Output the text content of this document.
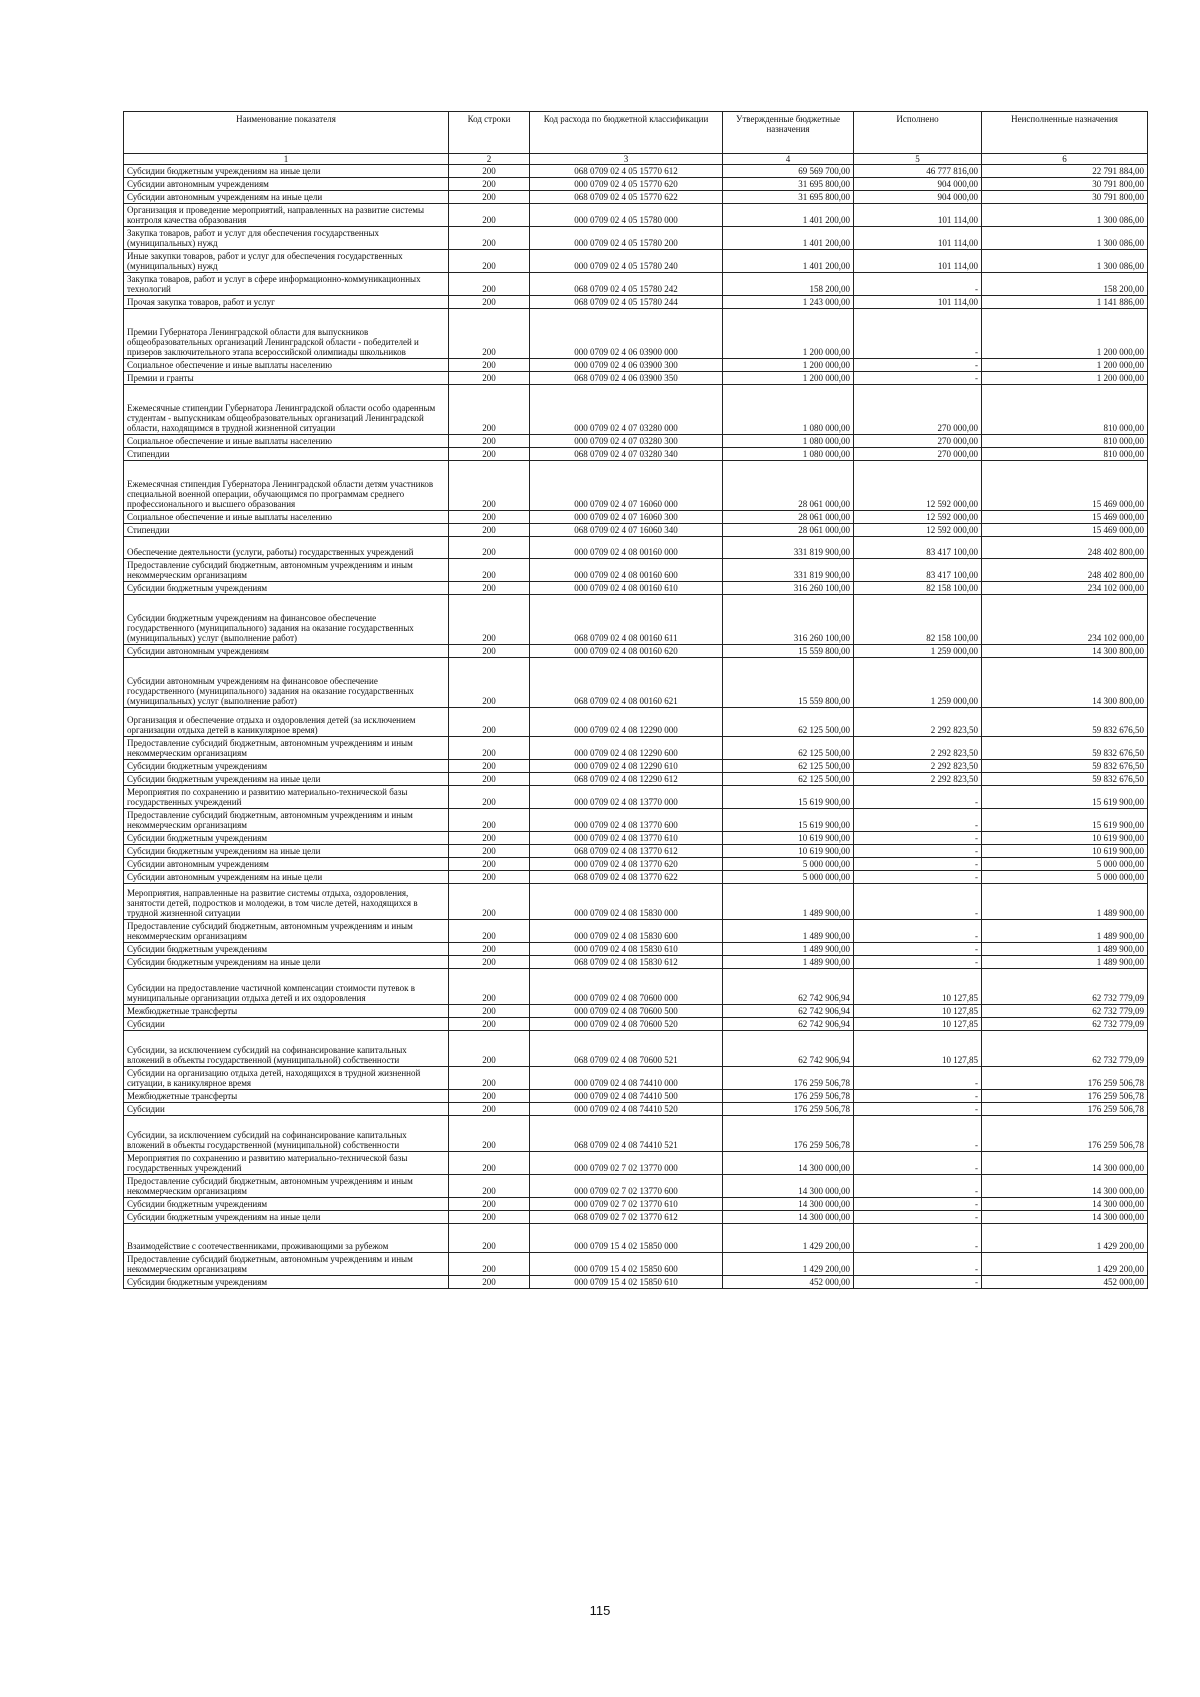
Наименование показателя	Код строки	Код расхода по бюджетной классификации	Утвержденные бюджетные назначения	Исполнено	Неисполненные назначения
1	2	3	4	5	6
Субсидии бюджетным учреждениям на иные цели	200	068 0709 02 4 05 15770 612	69 569 700,00	46 777 816,00	22 791 884,00
Субсидии автономным учреждениям	200	000 0709 02 4 05 15770 620	31 695 800,00	904 000,00	30 791 800,00
Субсидии автономным учреждениям на иные цели	200	068 0709 02 4 05 15770 622	31 695 800,00	904 000,00	30 791 800,00
Организация и проведение мероприятий, направленных на развитие системы контроля качества образования	200	000 0709 02 4 05 15780 000	1 401 200,00	101 114,00	1 300 086,00
Закупка товаров, работ и услуг для обеспечения государственных (муниципальных) нужд	200	000 0709 02 4 05 15780 200	1 401 200,00	101 114,00	1 300 086,00
Иные закупки товаров, работ и услуг для обеспечения государственных (муниципальных) нужд	200	000 0709 02 4 05 15780 240	1 401 200,00	101 114,00	1 300 086,00
Закупка товаров, работ и услуг в сфере информационно-коммуникационных технологий	200	068 0709 02 4 05 15780 242	158 200,00	-	158 200,00
Прочая закупка товаров, работ и услуг	200	068 0709 02 4 05 15780 244	1 243 000,00	101 114,00	1 141 886,00
Премии Губернатора Ленинградской области для выпускников общеобразовательных организаций Ленинградской области - победителей и призеров заключительного этапа всероссийской олимпиады школьников	200	000 0709 02 4 06 03900 000	1 200 000,00	-	1 200 000,00
Социальное обеспечение и иные выплаты населению	200	000 0709 02 4 06 03900 300	1 200 000,00	-	1 200 000,00
Премии и гранты	200	068 0709 02 4 06 03900 350	1 200 000,00	-	1 200 000,00
Ежемесячные стипендии Губернатора Ленинградской области особо одаренным студентам - выпускникам общеобразовательных организаций Ленинградской области, находящимся в трудной жизненной ситуации	200	000 0709 02 4 07 03280 000	1 080 000,00	270 000,00	810 000,00
Социальное обеспечение и иные выплаты населению	200	000 0709 02 4 07 03280 300	1 080 000,00	270 000,00	810 000,00
Стипендии	200	068 0709 02 4 07 03280 340	1 080 000,00	270 000,00	810 000,00
Ежемесячная стипендия Губернатора Ленинградской области детям участников специальной военной операции, обучающимся по программам среднего профессионального и высшего образования	200	000 0709 02 4 07 16060 000	28 061 000,00	12 592 000,00	15 469 000,00
Социальное обеспечение и иные выплаты населению	200	000 0709 02 4 07 16060 300	28 061 000,00	12 592 000,00	15 469 000,00
Стипендии	200	068 0709 02 4 07 16060 340	28 061 000,00	12 592 000,00	15 469 000,00
Обеспечение деятельности (услуги, работы) государственных учреждений	200	000 0709 02 4 08 00160 000	331 819 900,00	83 417 100,00	248 402 800,00
Предоставление субсидий бюджетным, автономным учреждениям и иным некоммерческим организациям	200	000 0709 02 4 08 00160 600	331 819 900,00	83 417 100,00	248 402 800,00
Субсидии бюджетным учреждениям	200	000 0709 02 4 08 00160 610	316 260 100,00	82 158 100,00	234 102 000,00
Субсидии бюджетным учреждениям на финансовое обеспечение государственного (муниципального) задания на оказание государственных (муниципальных) услуг (выполнение работ)	200	068 0709 02 4 08 00160 611	316 260 100,00	82 158 100,00	234 102 000,00
Субсидии автономным учреждениям	200	000 0709 02 4 08 00160 620	15 559 800,00	1 259 000,00	14 300 800,00
Субсидии автономным учреждениям на финансовое обеспечение государственного (муниципального) задания на оказание государственных (муниципальных) услуг (выполнение работ)	200	068 0709 02 4 08 00160 621	15 559 800,00	1 259 000,00	14 300 800,00
Организация и обеспечение отдыха и оздоровления детей (за исключением организации отдыха детей в каникулярное время)	200	000 0709 02 4 08 12290 000	62 125 500,00	2 292 823,50	59 832 676,50
Предоставление субсидий бюджетным, автономным учреждениям и иным некоммерческим организациям	200	000 0709 02 4 08 12290 600	62 125 500,00	2 292 823,50	59 832 676,50
Субсидии бюджетным учреждениям	200	000 0709 02 4 08 12290 610	62 125 500,00	2 292 823,50	59 832 676,50
Субсидии бюджетным учреждениям на иные цели	200	068 0709 02 4 08 12290 612	62 125 500,00	2 292 823,50	59 832 676,50
Мероприятия по сохранению и развитию материально-технической базы государственных учреждений	200	000 0709 02 4 08 13770 000	15 619 900,00	-	15 619 900,00
Предоставление субсидий бюджетным, автономным учреждениям и иным некоммерческим организациям	200	000 0709 02 4 08 13770 600	15 619 900,00	-	15 619 900,00
Субсидии бюджетным учреждениям	200	000 0709 02 4 08 13770 610	10 619 900,00	-	10 619 900,00
Субсидии бюджетным учреждениям на иные цели	200	068 0709 02 4 08 13770 612	10 619 900,00	-	10 619 900,00
Субсидии автономным учреждениям	200	000 0709 02 4 08 13770 620	5 000 000,00	-	5 000 000,00
Субсидии автономным учреждениям на иные цели	200	068 0709 02 4 08 13770 622	5 000 000,00	-	5 000 000,00
Мероприятия, направленные на развитие системы отдыха, оздоровления, занятости детей, подростков и молодежи, в том числе детей, находящихся в трудной жизненной ситуации	200	000 0709 02 4 08 15830 000	1 489 900,00	-	1 489 900,00
Предоставление субсидий бюджетным, автономным учреждениям и иным некоммерческим организациям	200	000 0709 02 4 08 15830 600	1 489 900,00	-	1 489 900,00
Субсидии бюджетным учреждениям	200	000 0709 02 4 08 15830 610	1 489 900,00	-	1 489 900,00
Субсидии бюджетным учреждениям на иные цели	200	068 0709 02 4 08 15830 612	1 489 900,00	-	1 489 900,00
Субсидии на предоставление частичной компенсации стоимости путевок в муниципальные организации отдыха детей и их оздоровления	200	000 0709 02 4 08 70600 000	62 742 906,94	10 127,85	62 732 779,09
Межбюджетные трансферты	200	000 0709 02 4 08 70600 500	62 742 906,94	10 127,85	62 732 779,09
Субсидии	200	000 0709 02 4 08 70600 520	62 742 906,94	10 127,85	62 732 779,09
Субсидии, за исключением субсидий на софинансирование капитальных вложений в объекты государственной (муниципальной) собственности	200	068 0709 02 4 08 70600 521	62 742 906,94	10 127,85	62 732 779,09
Субсидии на организацию отдыха детей, находящихся в трудной жизненной ситуации, в каникулярное время	200	000 0709 02 4 08 74410 000	176 259 506,78	-	176 259 506,78
Межбюджетные трансферты	200	000 0709 02 4 08 74410 500	176 259 506,78	-	176 259 506,78
Субсидии	200	000 0709 02 4 08 74410 520	176 259 506,78	-	176 259 506,78
Субсидии, за исключением субсидий на софинансирование капитальных вложений в объекты государственной (муниципальной) собственности	200	068 0709 02 4 08 74410 521	176 259 506,78	-	176 259 506,78
Мероприятия по сохранению и развитию материально-технической базы государственных учреждений	200	000 0709 02 7 02 13770 000	14 300 000,00	-	14 300 000,00
Предоставление субсидий бюджетным, автономным учреждениям и иным некоммерческим организациям	200	000 0709 02 7 02 13770 600	14 300 000,00	-	14 300 000,00
Субсидии бюджетным учреждениям	200	000 0709 02 7 02 13770 610	14 300 000,00	-	14 300 000,00
Субсидии бюджетным учреждениям на иные цели	200	068 0709 02 7 02 13770 612	14 300 000,00	-	14 300 000,00
Взаимодействие с соотечественниками, проживающими за рубежом	200	000 0709 15 4 02 15850 000	1 429 200,00	-	1 429 200,00
Предоставление субсидий бюджетным, автономным учреждениям и иным некоммерческим организациям	200	000 0709 15 4 02 15850 600	1 429 200,00	-	1 429 200,00
Субсидии бюджетным учреждениям	200	000 0709 15 4 02 15850 610	452 000,00	-	452 000,00
115
